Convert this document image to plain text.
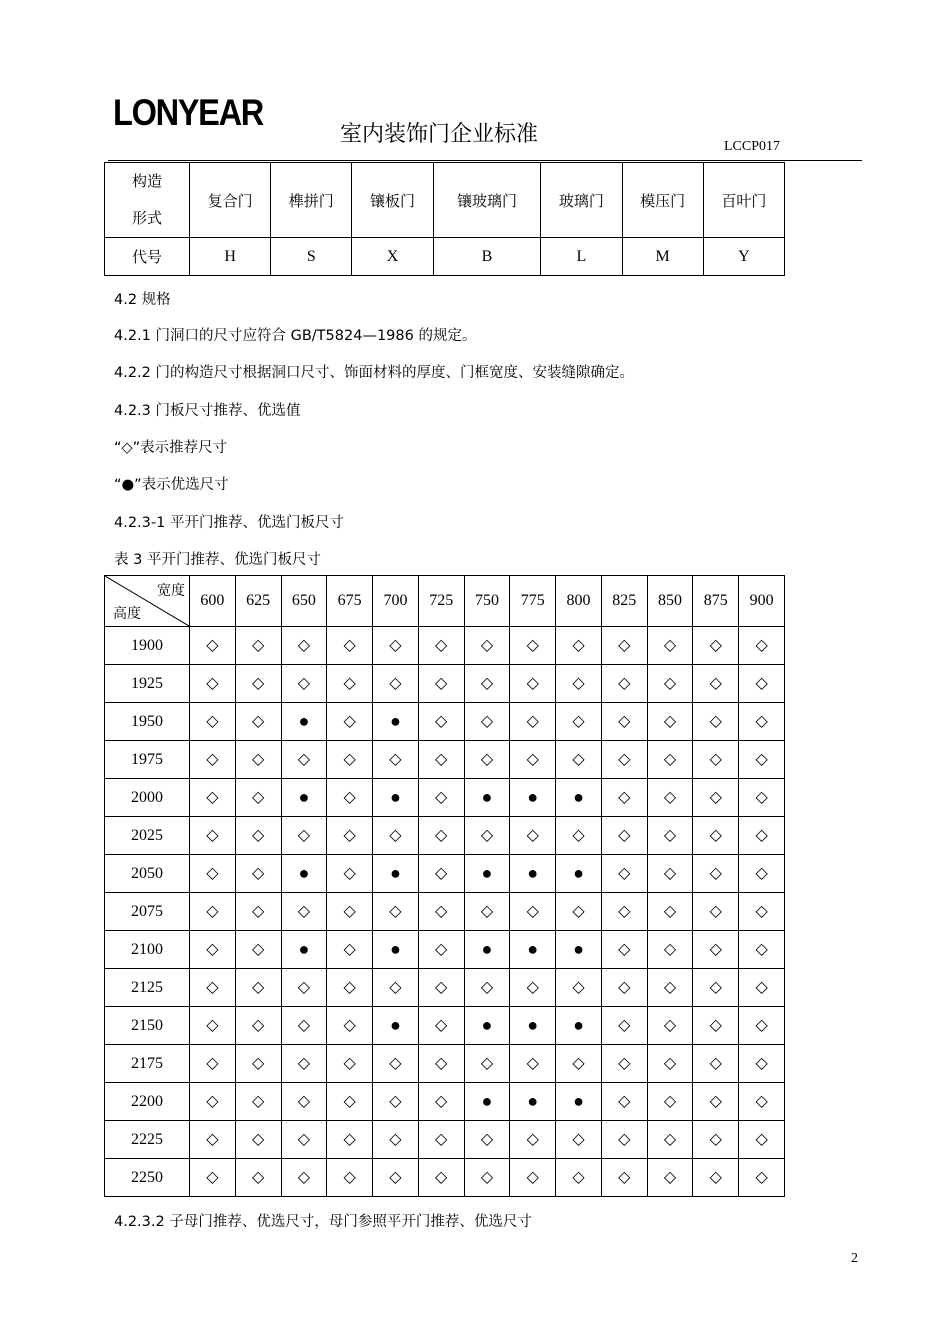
LONYEAR
室内装饰门企业标准	LCCP017
构造
形式	复合门	榫拼门	镶板门	镶玻璃门	玻璃门	模压门	百叶门
代号	H	S	X	B	L	M	Y

4.2 规格

4.2.1 门洞口的尺寸应符合 GB/T5824—1986 的规定。

4.2.2 门的构造尺寸根据洞口尺寸、饰面材料的厚度、门框宽度、安装缝隙确定。

4.2.3 门板尺寸推荐、优选值

“◇”表示推荐尺寸

“●”表示优选尺寸

4.2.3-1 平开门推荐、优选门板尺寸

表 3 平开门推荐、优选门板尺寸

宽度
高度	600	625	650	675	700	725	750	775	800	825	850	875	900
1900	◇	◇	◇	◇	◇	◇	◇	◇	◇	◇	◇	◇	◇
1925	◇	◇	◇	◇	◇	◇	◇	◇	◇	◇	◇	◇	◇
1950	◇	◇	●	◇	●	◇	◇	◇	◇	◇	◇	◇	◇
1975	◇	◇	◇	◇	◇	◇	◇	◇	◇	◇	◇	◇	◇
2000	◇	◇	●	◇	●	◇	●	●	●	◇	◇	◇	◇
2025	◇	◇	◇	◇	◇	◇	◇	◇	◇	◇	◇	◇	◇
2050	◇	◇	●	◇	●	◇	●	●	●	◇	◇	◇	◇
2075	◇	◇	◇	◇	◇	◇	◇	◇	◇	◇	◇	◇	◇
2100	◇	◇	●	◇	●	◇	●	●	●	◇	◇	◇	◇
2125	◇	◇	◇	◇	◇	◇	◇	◇	◇	◇	◇	◇	◇
2150	◇	◇	◇	◇	●	◇	●	●	●	◇	◇	◇	◇
2175	◇	◇	◇	◇	◇	◇	◇	◇	◇	◇	◇	◇	◇
2200	◇	◇	◇	◇	◇	◇	●	●	●	◇	◇	◇	◇
2225	◇	◇	◇	◇	◇	◇	◇	◇	◇	◇	◇	◇	◇
2250	◇	◇	◇	◇	◇	◇	◇	◇	◇	◇	◇	◇	◇

4.2.3.2 子母门推荐、优选尺寸，母门参照平开门推荐、优选尺寸

2
